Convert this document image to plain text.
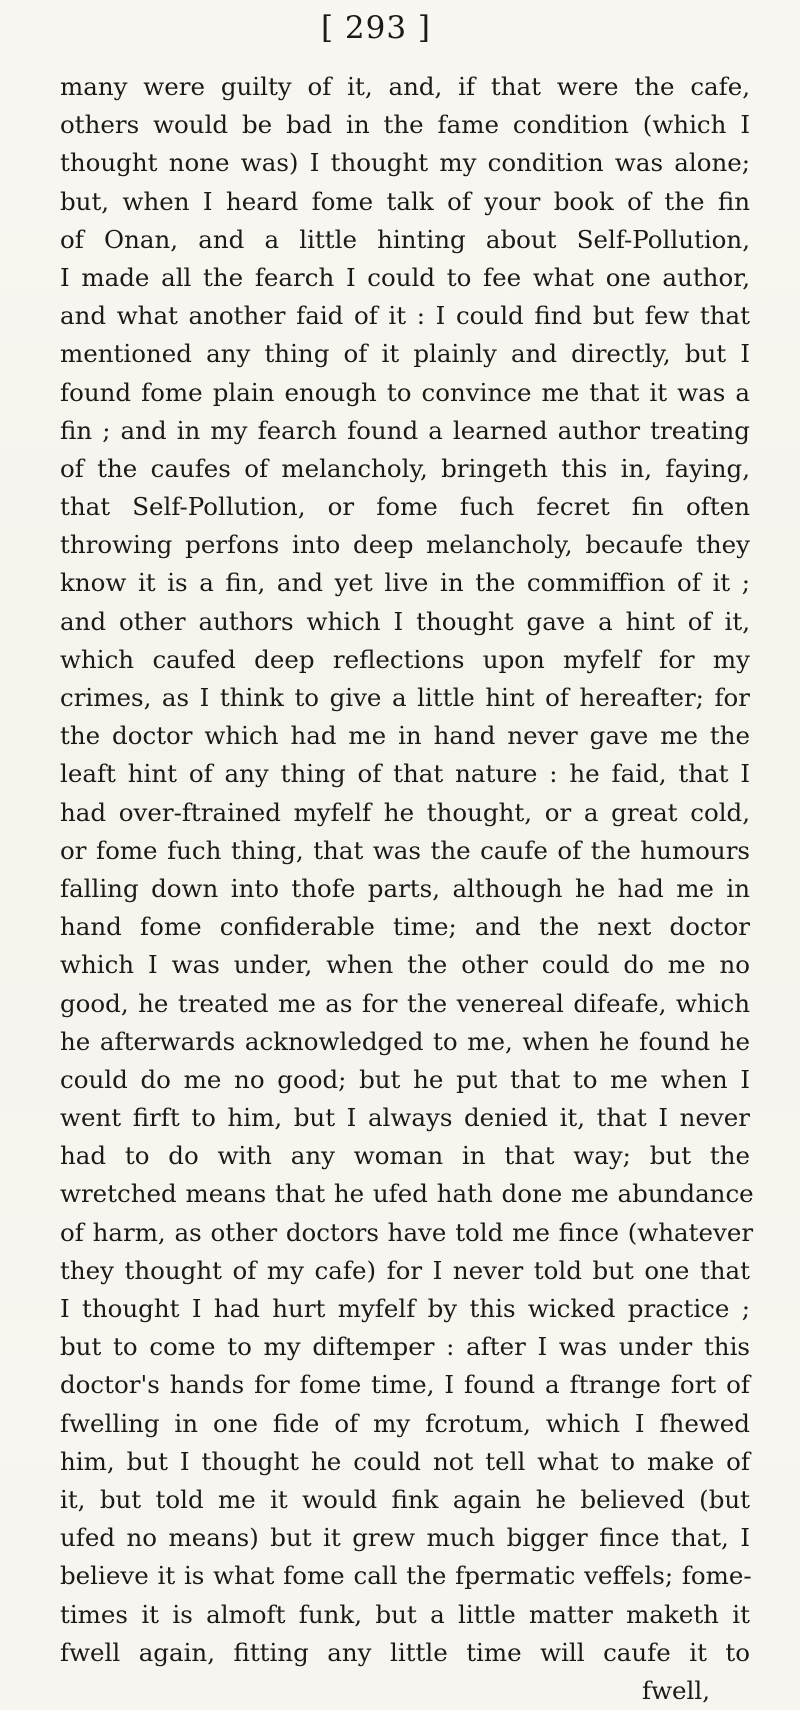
[ 293 ]
many were guilty of it, and, if that were the cafe,
others would be bad in the fame condition (which I
thought none was) I thought my condition was alone;
but, when I heard fome talk of your book of the fin
of Onan, and a little hinting about Self-Pollution,
I made all the fearch I could to fee what one author,
and what another faid of it : I could find but few that
mentioned any thing of it plainly and directly, but I
found fome plain enough to convince me that it was a
fin ; and in my fearch found a learned author treating
of the caufes of melancholy, bringeth this in, faying,
that Self-Pollution, or fome fuch fecret fin often
throwing perfons into deep melancholy, becaufe they
know it is a fin, and yet live in the commiffion of it ;
and other authors which I thought gave a hint of it,
which caufed deep reflections upon myfelf for my
crimes, as I think to give a little hint of hereafter; for
the doctor which had me in hand never gave me the
leaft hint of any thing of that nature : he faid, that I
had over-ftrained myfelf he thought, or a great cold,
or fome fuch thing, that was the caufe of the humours
falling down into thofe parts, although he had me in
hand fome confiderable time; and the next doctor
which I was under, when the other could do me no
good, he treated me as for the venereal difeafe, which
he afterwards acknowledged to me, when he found he
could do me no good; but he put that to me when I
went firft to him, but I always denied it, that I never
had to do with any woman in that way; but the
wretched means that he ufed hath done me abundance
of harm, as other doctors have told me fince (whatever
they thought of my cafe) for I never told but one that
I thought I had hurt myfelf by this wicked practice ;
but to come to my diftemper : after I was under this
doctor's hands for fome time, I found a ftrange fort of
fwelling in one fide of my fcrotum, which I fhewed
him, but I thought he could not tell what to make of
it, but told me it would fink again he believed (but
ufed no means) but it grew much bigger fince that, I
believe it is what fome call the fpermatic veffels; fome-
times it is almoft funk, but a little matter maketh it
fwell again, fitting any little time will caufe it to
fwell,
